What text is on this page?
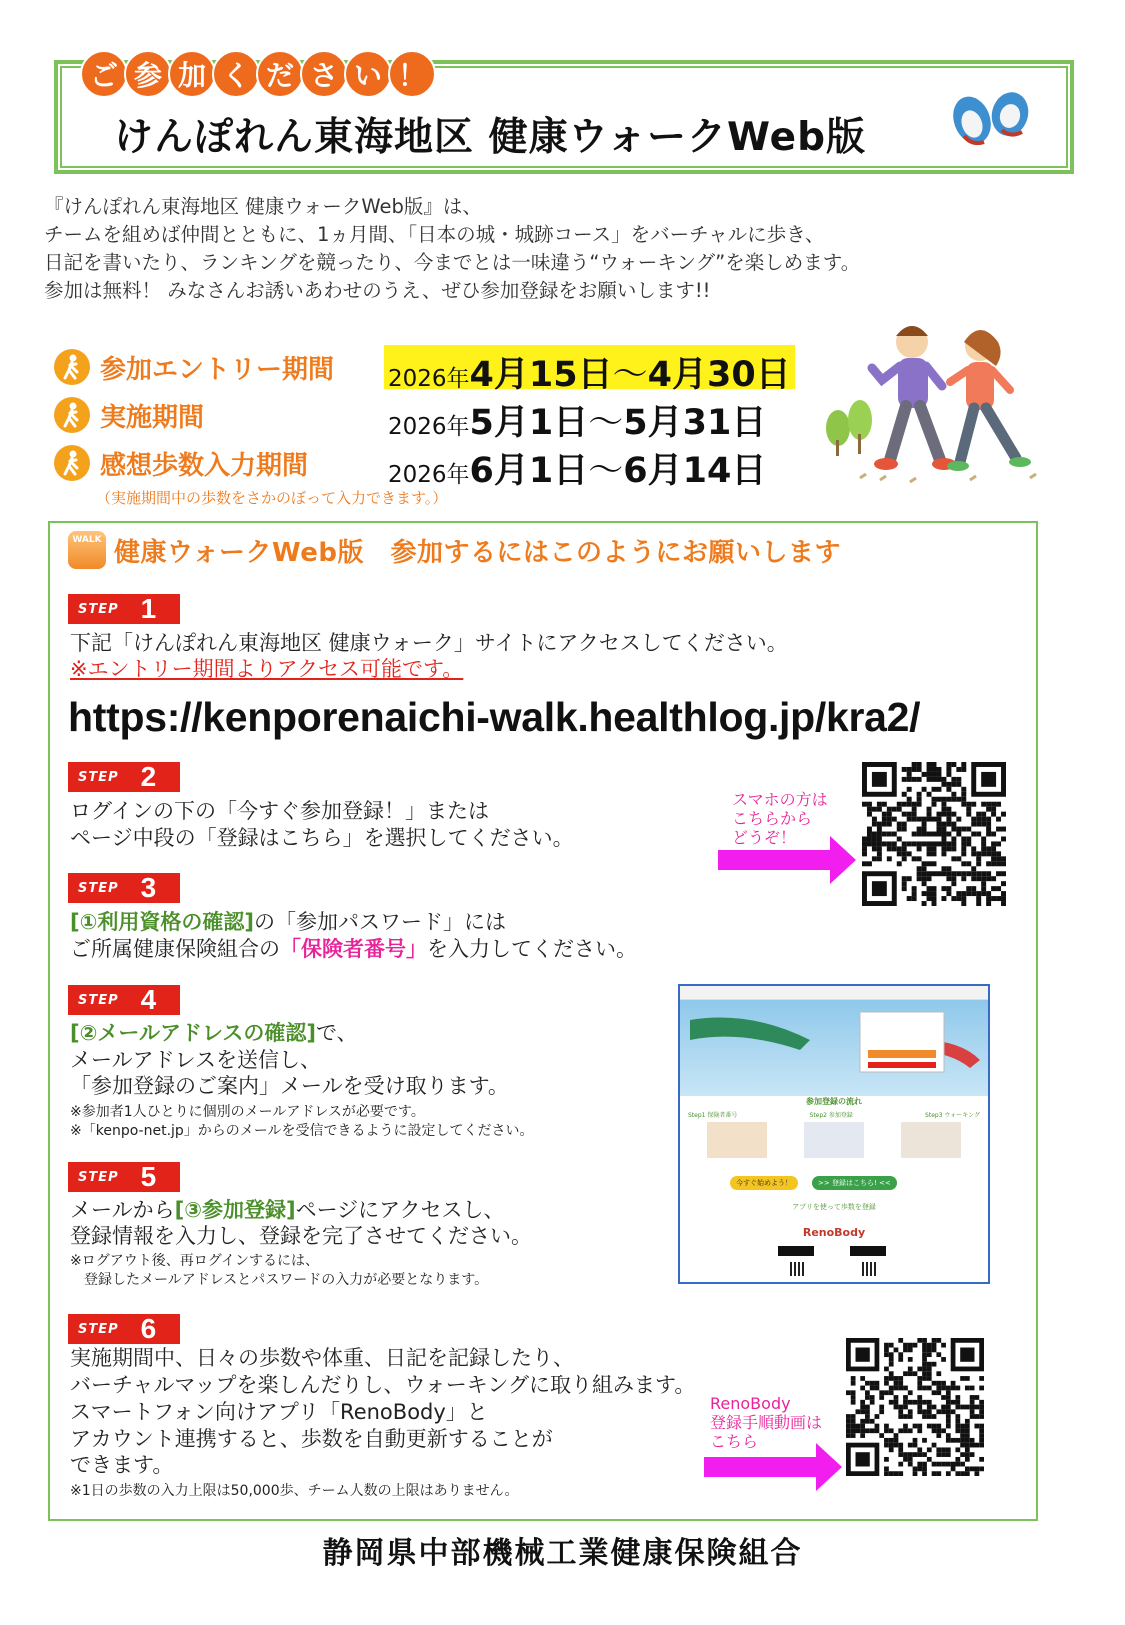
ご 参 加 く だ さ い ！
けんぽれん東海地区 健康ウォークWeb版

『けんぽれん東海地区 健康ウォークWeb版』は、

チームを組めば仲間とともに、1ヵ月間、「日本の城・城跡コース」をバーチャルに歩き、

日記を書いたり、ランキングを競ったり、今までとは一味違う“ウォーキング”を楽しめます。

参加は無料！ みなさんお誘いあわせのうえ、ぜひ参加登録をお願いします!!

参加エントリー期間	2026年 4月 15日 ～ 4月 30日
実施期間	2026年 5月 1日 ～ 5月 31日
感想歩数入力期間	2026年 6月 1日 ～ 6月 14日
（実施期間中の歩数をさかのぼって入力できます。）
WALK 健康ウォークWeb版　参加するにはこのようにお願いします
STEP 1
下記「けんぽれん東海地区 健康ウォーク」サイトにアクセスしてください。
※エントリー期間よりアクセス可能です。
https://kenporenaichi-walk.healthlog.jp/kra2/
STEP 2
ログインの下の「今すぐ参加登録！」または
ページ中段の「登録はこちら」を選択してください。
スマホの方は
こちらから
どうぞ！
STEP 3
[①利用資格の確認]の「参加パスワード」には
ご所属健康保険組合の「保険者番号」を入力してください。
STEP 4
[②メールアドレスの確認]で、
メールアドレスを送信し、
「参加登録のご案内」メールを受け取ります。
※参加者1人ひとりに個別のメールアドレスが必要です。
※「kenpo-net.jp」からのメールを受信できるように設定してください。
STEP 5
メールから[③参加登録]ページにアクセスし、
登録情報を入力し、登録を完了させてください。
※ログアウト後、再ログインするには、
　登録したメールアドレスとパスワードの入力が必要となります。
参加登録の流れ
Step1 保険者番号	Step2 参加登録	Step3 ウォーキング
今すぐ始めよう！	>> 登録はこちら! <<
アプリを使って歩数を登録
RenoBody
STEP 6
実施期間中、日々の歩数や体重、日記を記録したり、
バーチャルマップを楽しんだりし、ウォーキングに取り組みます。
スマートフォン向けアプリ「RenoBody」と
アカウント連携すると、歩数を自動更新することが
できます。
※1日の歩数の入力上限は50,000歩、チーム人数の上限はありません。
RenoBody
登録手順動画は
こちら
静岡県中部機械工業健康保険組合
